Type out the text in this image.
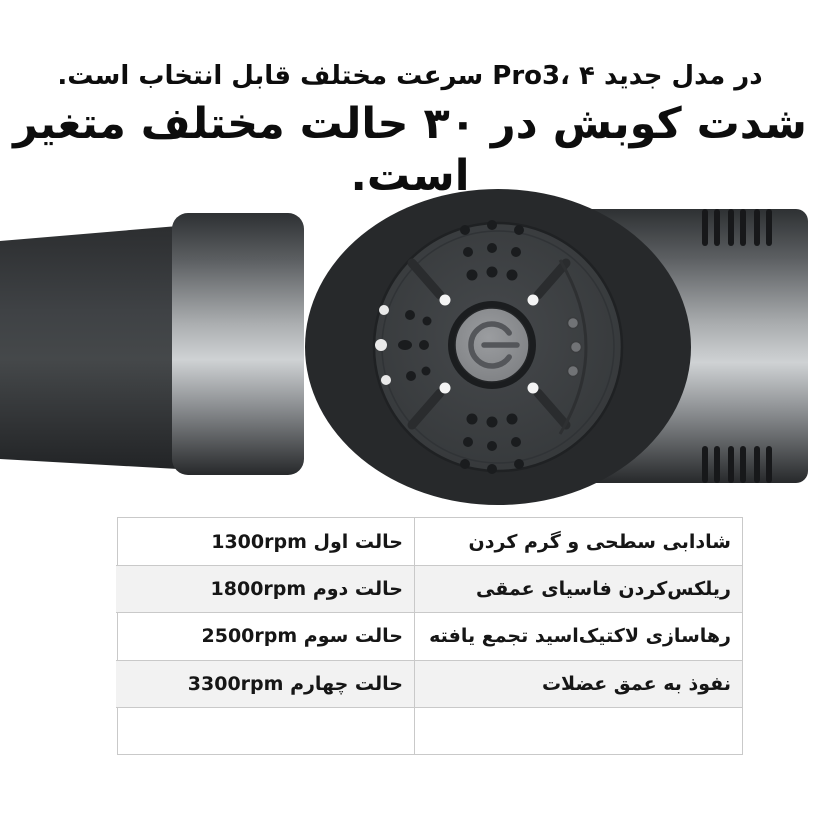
در مدل جدید Pro3، ۴ سرعت مختلف قابل انتخاب است.
شدت کوبش در ۳۰ حالت مختلف متغیر است.
شادابی سطحی و گرم کردن
حالت اول 1300rpm
ریلکس‌کردن فاسیای عمقی
حالت دوم 1800rpm
رهاسازی لاکتیک‌اسید تجمع یافته
حالت سوم 2500rpm
نفوذ به عمق عضلات
حالت چهارم 3300rpm
